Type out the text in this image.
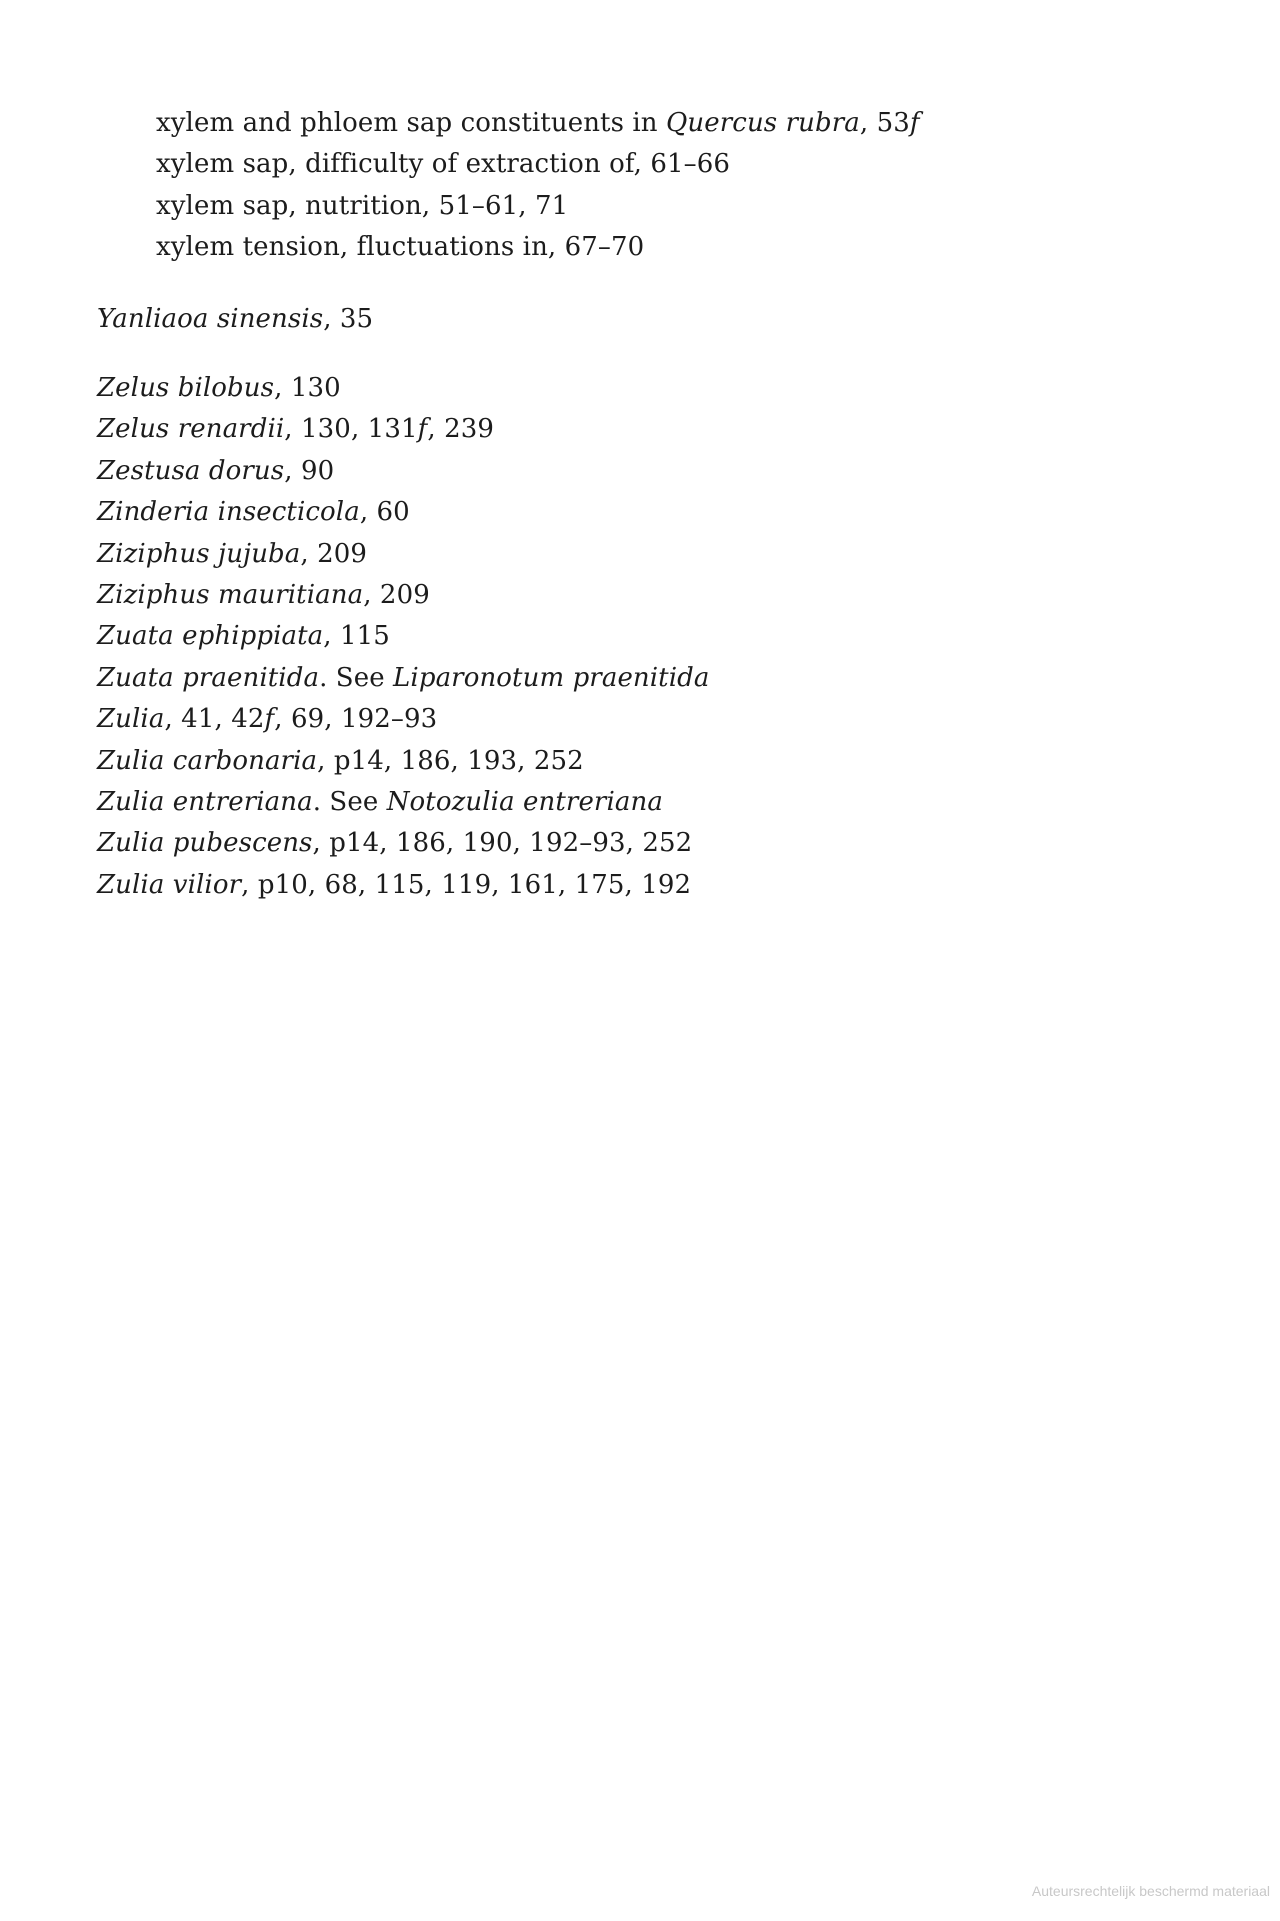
xylem and phloem sap constituents in Quercus rubra, 53f
xylem sap, difficulty of extraction of, 61–66
xylem sap, nutrition, 51–61, 71
xylem tension, fluctuations in, 67–70
Yanliaoa sinensis, 35
Zelus bilobus, 130
Zelus renardii, 130, 131f, 239
Zestusa dorus, 90
Zinderia insecticola, 60
Ziziphus jujuba, 209
Ziziphus mauritiana, 209
Zuata ephippiata, 115
Zuata praenitida. See Liparonotum praenitida
Zulia, 41, 42f, 69, 192–93
Zulia carbonaria, p14, 186, 193, 252
Zulia entreriana. See Notozulia entreriana
Zulia pubescens, p14, 186, 190, 192–93, 252
Zulia vilior, p10, 68, 115, 119, 161, 175, 192
Auteursrechtelijk beschermd materiaal
